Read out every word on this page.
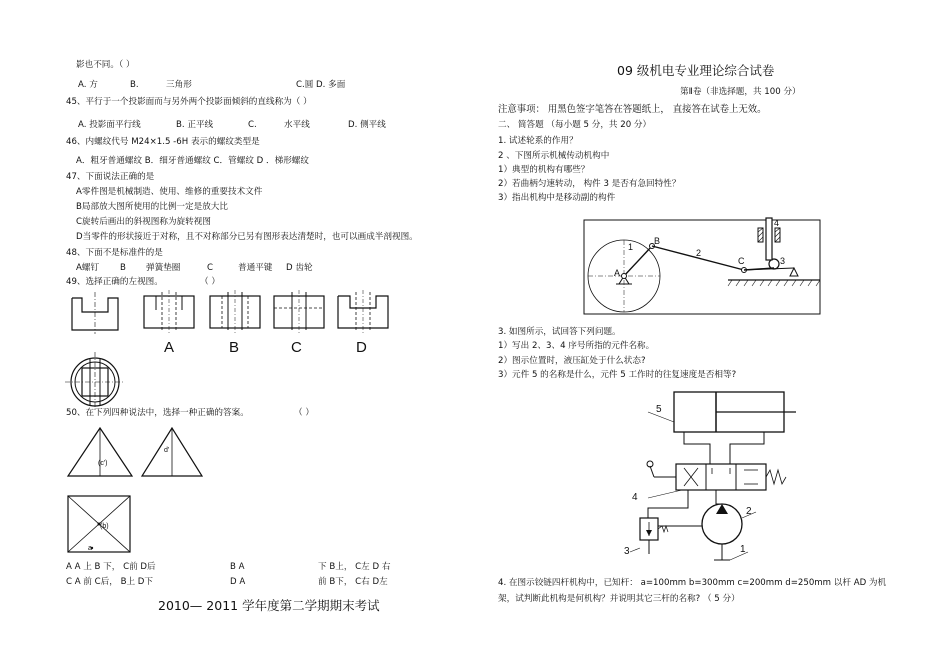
影也不同。（ ）
A. 方	B.	三角形	C.圆 D. 多面
45、平行于一个投影面而与另外两个投影面倾斜的直线称为（ ）
A. 投影面平行线	B. 正平线	C.	水平线	D. 侧平线
46、内螺纹代号 M24×1.5 -6H 表示的螺纹类型是
A．粗牙普通螺纹 B．细牙普通螺纹 C．管螺纹 D ．梯形螺纹
47、下面说法正确的是
A零件图是机械制造、使用、维修的重要技术文件
B局部放大图所使用的比例一定是放大比
C旋转后画出的斜视图称为旋转视图
D当零件的形状接近于对称，且不对称部分已另有图形表达清楚时，也可以画成半剖视图。
48、下面不是标准件的是
A螺钉 B 弹簧垫圈	C	普通平键 D 齿轮
49、选择正确的左视图。	（ ）
A	B	C	D
50、在下列四种说法中，选择一种正确的答案。	（ ）
(c')
d'
(b)
a
A A 上 B 下， C前 D后	B A	下 B上， C左 D 右
C A 前 C后， B上 D下	D A	前 B下， C右 D左
2010— 2011 学年度第二学期期末考试
09 级机电专业理论综合试卷
第Ⅱ卷（非选择题，共 100 分）
注意事项： 用黑色签字笔答在答题纸上， 直接答在试卷上无效。
二、 简答题 （每小题 5 分，共 20 分）
1. 试述轮系的作用？
2 、下图所示机械传动机构中
1）典型的机构有哪些？
2）若曲柄匀速转动， 构件 3 是否有急回特性？
3）指出机构中是移动副的构件
1
2
3
4
A
B
C
3. 如图所示，试回答下列问题。
1）写出 2、3、4 序号所指的元件名称。
2）图示位置时，液压缸处于什么状态?
3）元件 5 的名称是什么，元件 5 工作时的往复速度是否相等?
5
4
2
3	1
4. 在图示铰链四杆机构中，已知杆： a=100mm b=300mm c=200mm d=250mm 以杆 AD 为机
架，试判断此机构是何机构？并说明其它三杆的名称? （ 5 分）
